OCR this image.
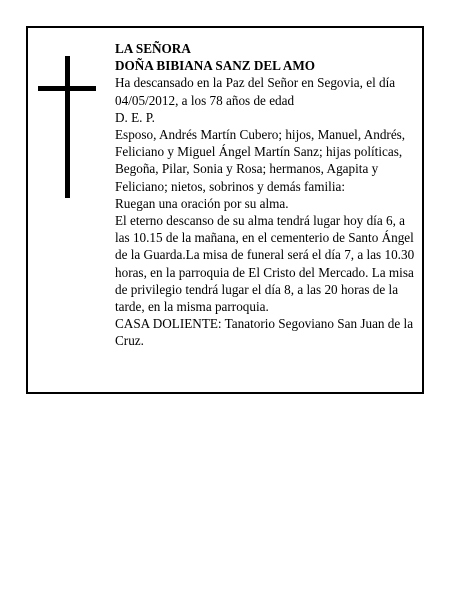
LA SEÑORA

DOÑA BIBIANA SANZ DEL AMO

Ha descansado en la Paz del Señor en Segovia, el día 04/05/2012, a los 78 años de edad

D. E. P.

Esposo, Andrés Martín Cubero; hijos, Manuel, Andrés, Feliciano y Miguel Ángel Martín Sanz; hijas políticas, Begoña, Pilar, Sonia y Rosa; hermanos, Agapita y Feliciano; nietos, sobrinos y demás familia:

Ruegan una oración por su alma.

El eterno descanso de su alma tendrá lugar hoy día 6, a las 10.15 de la mañana, en el cementerio de Santo Ángel de la Guarda.La misa de funeral será el día 7, a las 10.30 horas, en la parroquia de El Cristo del Mercado. La misa de privilegio tendrá lugar el día 8, a las 20 horas de la tarde, en la misma parroquia.

CASA DOLIENTE: Tanatorio Segoviano San Juan de la Cruz.
